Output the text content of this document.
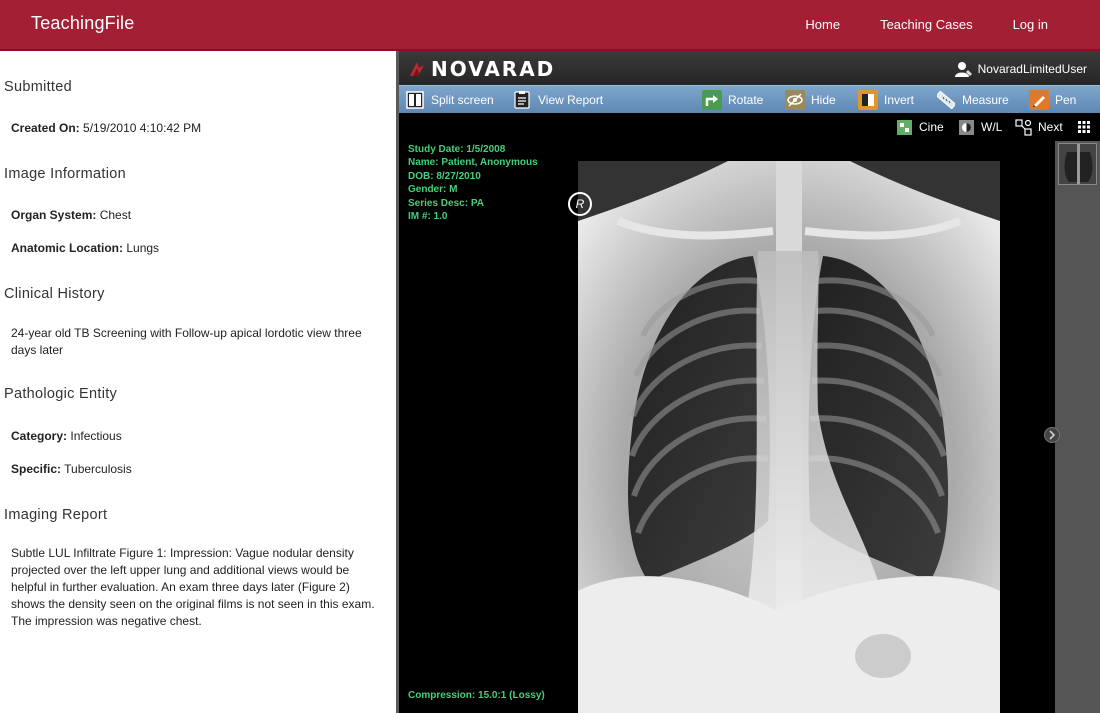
TeachingFile	Home	Teaching Cases	Log in
Submitted
Created On: 5/19/2010 4:10:42 PM
Image Information
Organ System: Chest
Anatomic Location: Lungs
Clinical History
24-year old TB Screening with Follow-up apical lordotic view three days later
Pathologic Entity
Category: Infectious
Specific: Tuberculosis
Imaging Report
Subtle LUL Infiltrate Figure 1: Impression: Vague nodular density projected over the left upper lung and additional views would be helpful in further evaluation. An exam three days later (Figure 2) shows the density seen on the original films is not seen in this exam. The impression was negative chest.
NOVARAD	NovaradLimitedUser
Split screen	View Report	Rotate	Hide	Invert	Measure	Pen
Cine	W/L	Next
Study Date: 1/5/2008
Name: Patient, Anonymous
DOB: 8/27/2010
Gender: M
Series Desc: PA
IM #: 1.0
R
Compression: 15.0:1 (Lossy)
